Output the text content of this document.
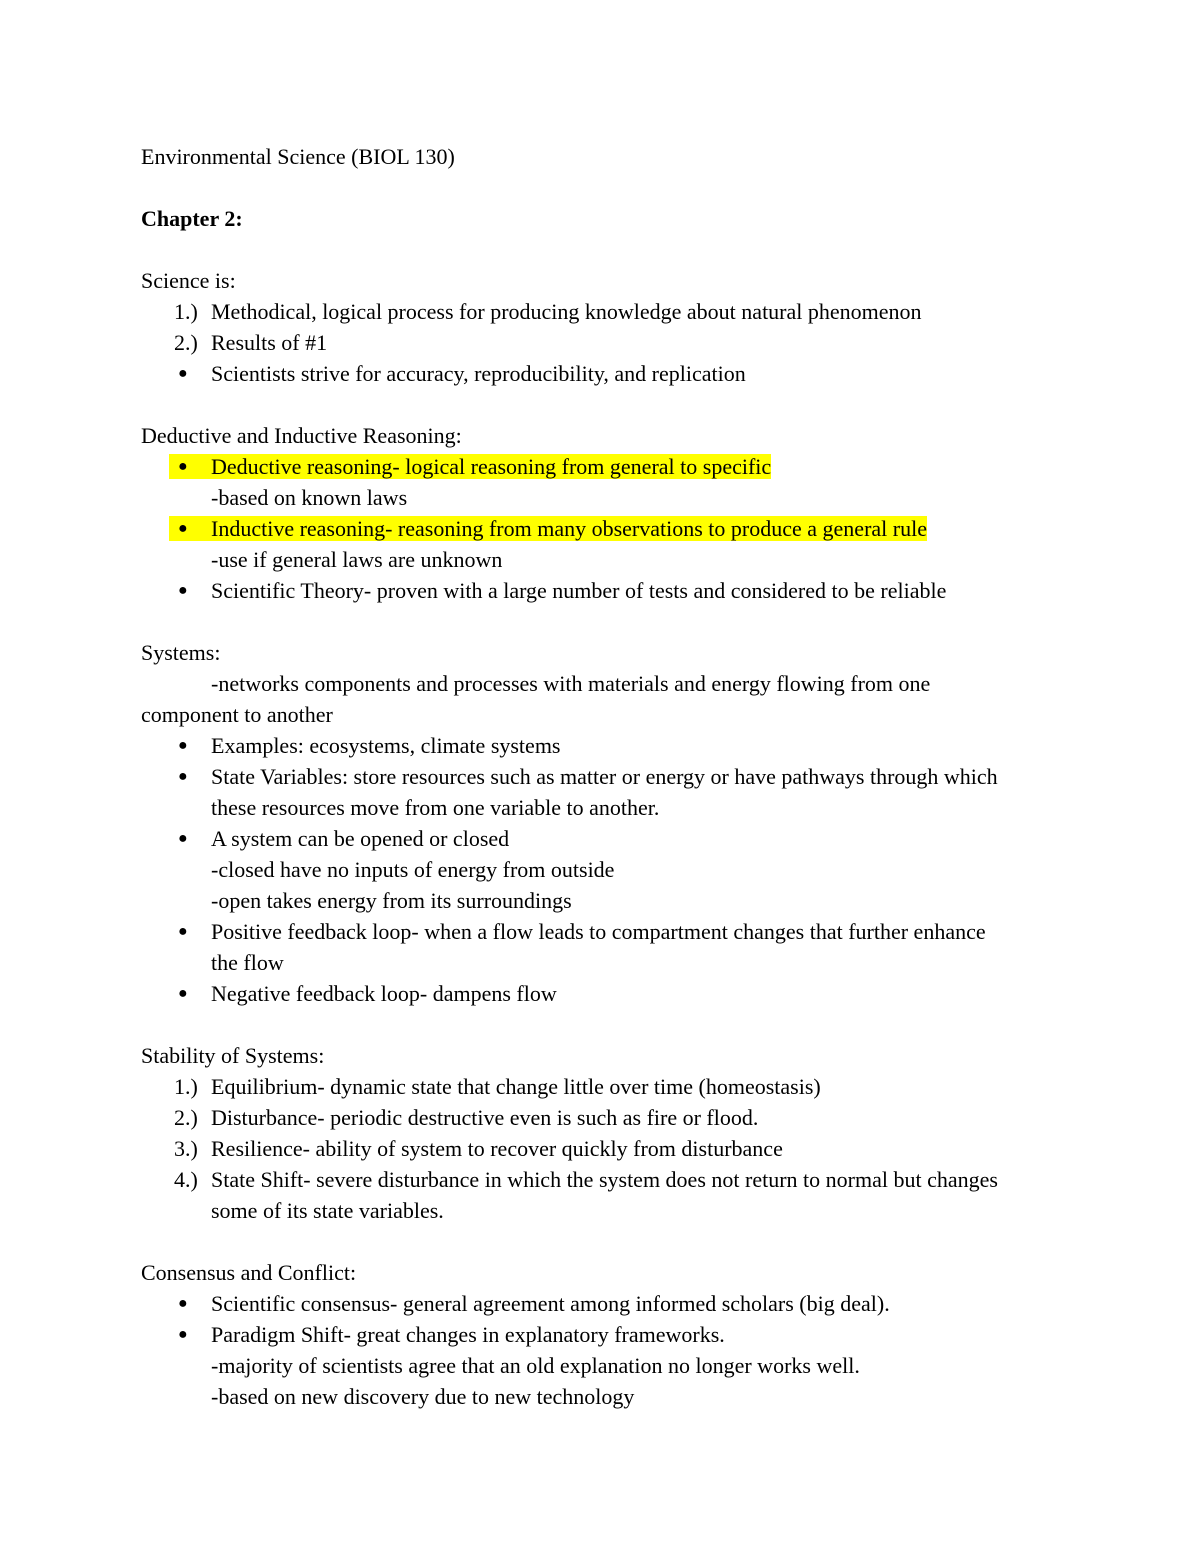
Environmental Science (BIOL 130)
Chapter 2:
Science is:
1.) Methodical, logical process for producing knowledge about natural phenomenon
2.) Results of #1
● Scientists strive for accuracy, reproducibility, and replication
Deductive and Inductive Reasoning:
● Deductive reasoning- logical reasoning from general to specific
-based on known laws
● Inductive reasoning- reasoning from many observations to produce a general rule
-use if general laws are unknown
● Scientific Theory- proven with a large number of tests and considered to be reliable
Systems:
-networks components and processes with materials and energy flowing from one
component to another
● Examples: ecosystems, climate systems
● State Variables: store resources such as matter or energy or have pathways through which
these resources move from one variable to another.
● A system can be opened or closed
-closed have no inputs of energy from outside
-open takes energy from its surroundings
● Positive feedback loop- when a flow leads to compartment changes that further enhance
the flow
● Negative feedback loop- dampens flow
Stability of Systems:
1.) Equilibrium- dynamic state that change little over time (homeostasis)
2.) Disturbance- periodic destructive even is such as fire or flood.
3.) Resilience- ability of system to recover quickly from disturbance
4.) State Shift- severe disturbance in which the system does not return to normal but changes
some of its state variables.
Consensus and Conflict:
● Scientific consensus- general agreement among informed scholars (big deal).
● Paradigm Shift- great changes in explanatory frameworks.
-majority of scientists agree that an old explanation no longer works well.
-based on new discovery due to new technology
